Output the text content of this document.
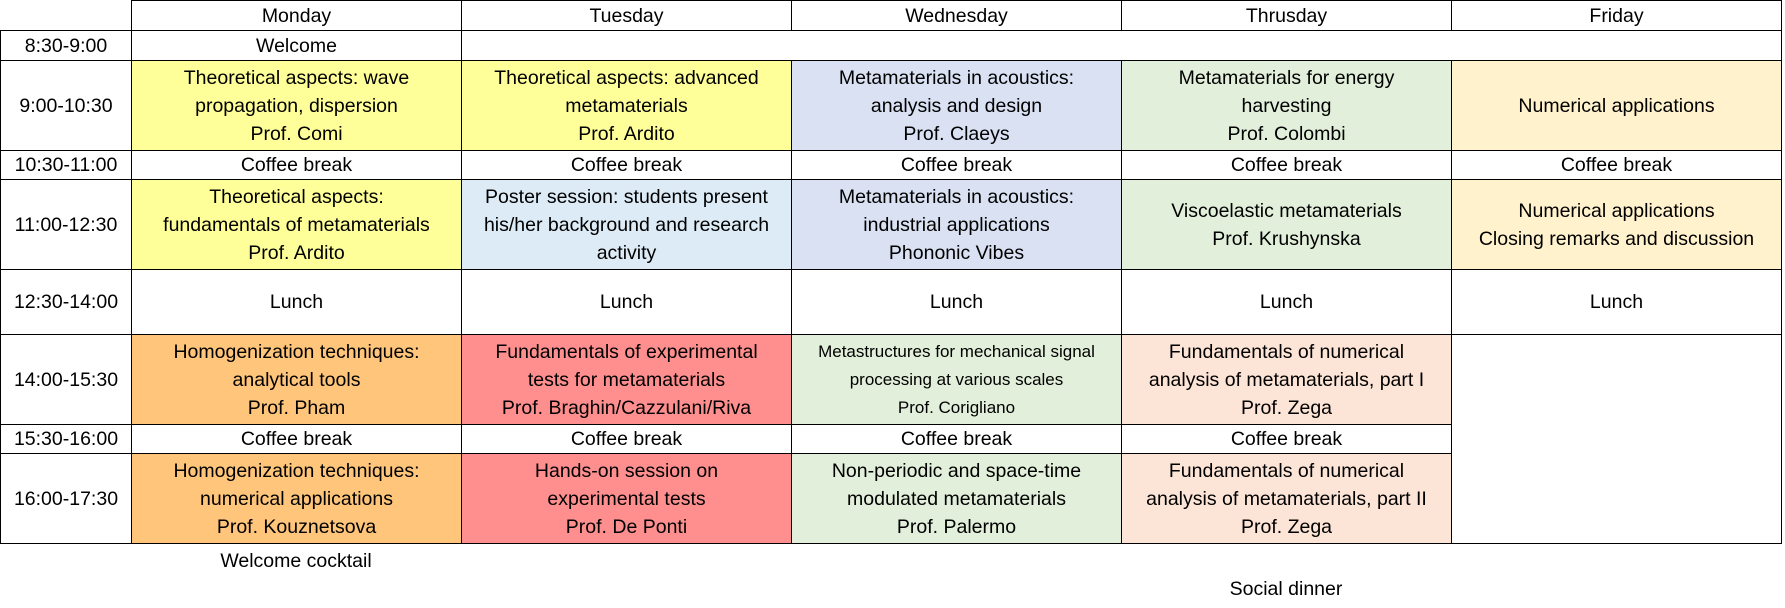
	Monday	Tuesday	Wednesday	Thrusday	Friday
8:30-9:00	Welcome				

9:00-10:30	Theoretical aspects: wave
propagation, dispersion
Prof. Comi	Theoretical aspects: advanced
metamaterials
Prof. Ardito	Metamaterials in acoustics:
analysis and design
Prof. Claeys	Metamaterials for energy
harvesting
Prof. Colombi	Numerical applications

10:30-11:00	Coffee break	Coffee break	Coffee break	Coffee break	Coffee break

11:00-12:30	Theoretical aspects:
fundamentals of metamaterials
Prof. Ardito	Poster session: students present
his/her background and research
activity	Metamaterials in acoustics:
industrial applications
Phononic Vibes	Viscoelastic metamaterials
Prof. Krushynska	Numerical applications
Closing remarks and discussion

12:30-14:00	Lunch	Lunch	Lunch	Lunch	Lunch

14:00-15:30	Homogenization techniques:
analytical tools
Prof. Pham	Fundamentals of experimental
tests for metamaterials
Prof. Braghin/Cazzulani/Riva	Metastructures for mechanical signal
processing at various scales
Prof. Corigliano	Fundamentals of numerical
analysis of metamaterials, part I
Prof. Zega	

15:30-16:00	Coffee break	Coffee break	Coffee break	Coffee break	

16:00-17:30	Homogenization techniques:
numerical applications
Prof. Kouznetsova	Hands-on session on
experimental tests
Prof. De Ponti	Non-periodic and space-time
modulated metamaterials
Prof. Palermo	Fundamentals of numerical
analysis of metamaterials, part II
Prof. Zega	
Welcome cocktail
Social dinner
